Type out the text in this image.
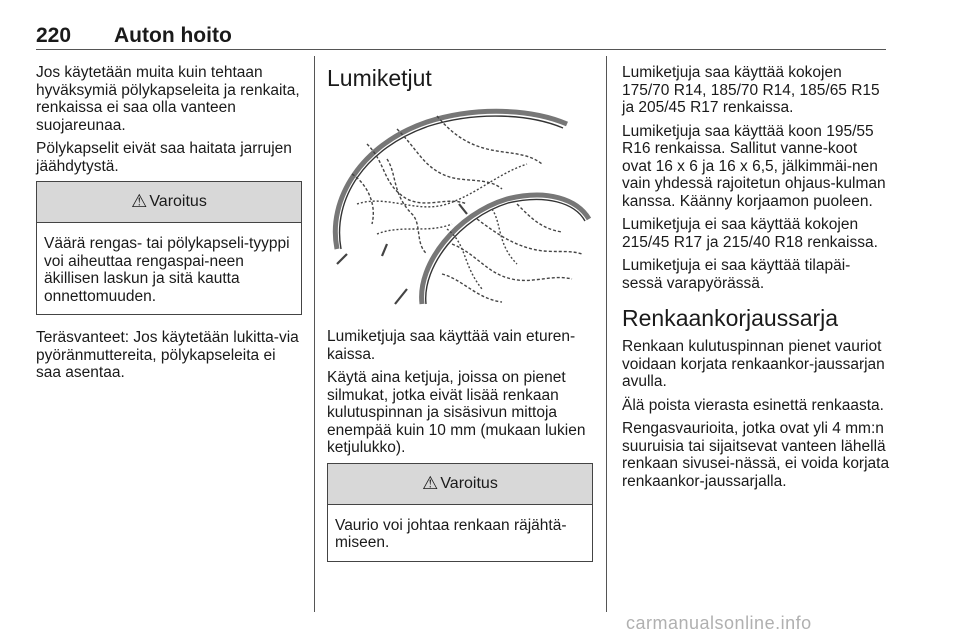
220 Auton hoito

Jos käytetään muita kuin tehtaan hyväksymiä pölykapseleita ja renkaita, renkaissa ei saa olla vanteen suojareunaa.

Pölykapselit eivät saa haitata jarrujen jäähdytystä.

⚠ Varoitus

Väärä rengas- tai pölykapseli-tyyppi voi aiheuttaa rengaspai-neen äkillisen laskun ja sitä kautta onnettomuuden.

Teräsvanteet: Jos käytetään lukitta-via pyöränmuttereita, pölykapseleita ei saa asentaa.

Lumiketjut

Lumiketjuja saa käyttää vain eturen-kaissa.

Käytä aina ketjuja, joissa on pienet silmukat, jotka eivät lisää renkaan kulutuspinnan ja sisäsivun mittoja enempää kuin 10 mm (mukaan lukien ketjulukko).

⚠ Varoitus

Vaurio voi johtaa renkaan räjähtä-miseen.

Lumiketjuja saa käyttää kokojen 175/70 R14, 185/70 R14, 185/65 R15 ja 205/45 R17 renkaissa.

Lumiketjuja saa käyttää koon 195/55 R16 renkaissa. Sallitut vanne-koot ovat 16 x 6 ja 16 x 6,5, jälkimmäi-nen vain yhdessä rajoitetun ohjaus-kulman kanssa. Käänny korjaamon puoleen.

Lumiketjuja ei saa käyttää kokojen 215/45 R17 ja 215/40 R18 renkaissa.

Lumiketjuja ei saa käyttää tilapäi-sessä varapyörässä.

Renkaankorjaussarja

Renkaan kulutuspinnan pienet vauriot voidaan korjata renkaankor-jaussarjan avulla.

Älä poista vierasta esinettä renkaasta.

Rengasvaurioita, jotka ovat yli 4 mm:n suuruisia tai sijaitsevat vanteen lähellä renkaan sivusei-nässä, ei voida korjata renkaankor-jaussarjalla.

carmanualsonline.info
